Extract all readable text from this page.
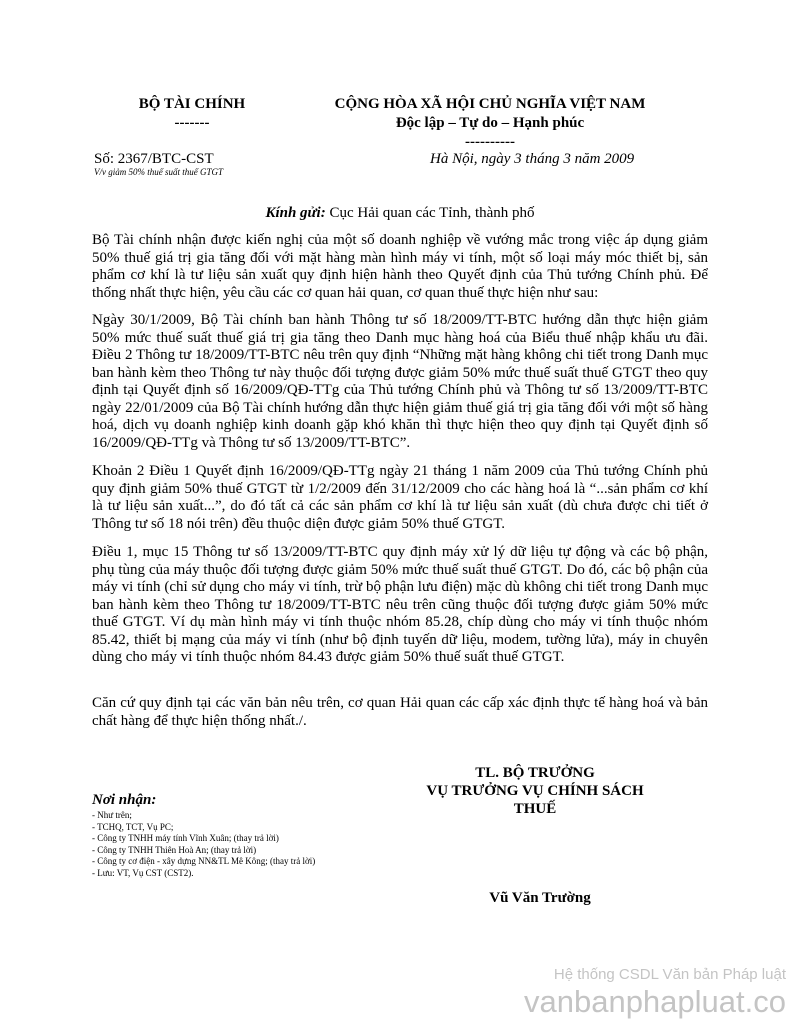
BỘ TÀI CHÍNH
-------
CỘNG HÒA XÃ HỘI CHỦ NGHĨA VIỆT NAM
Độc lập – Tự do – Hạnh phúc
----------
Số: 2367/BTC-CST
V/v giảm 50% thuế suất thuế GTGT
Hà Nội, ngày 3 tháng 3 năm 2009
Kính gửi: Cục Hải quan các Tỉnh, thành phố
Bộ Tài chính nhận được kiến nghị của một số doanh nghiệp về vướng mắc trong việc áp dụng giảm 50% thuế giá trị gia tăng đối với mặt hàng màn hình máy vi tính, một số loại máy móc thiết bị, sản phẩm cơ khí là tư liệu sản xuất quy định hiện hành theo Quyết định của Thủ tướng Chính phủ. Để thống nhất thực hiện, yêu cầu các cơ quan hải quan, cơ quan thuế thực hiện như sau:
Ngày 30/1/2009, Bộ Tài chính ban hành Thông tư số 18/2009/TT-BTC hướng dẫn thực hiện giảm 50% mức thuế suất thuế giá trị gia tăng theo Danh mục hàng hoá của Biểu thuế nhập khẩu ưu đãi. Điều 2 Thông tư 18/2009/TT-BTC nêu trên quy định “Những mặt hàng không chi tiết trong Danh mục ban hành kèm theo Thông tư này thuộc đối tượng được giảm 50% mức thuế suất thuế GTGT theo quy định tại Quyết định số 16/2009/QĐ-TTg của Thủ tướng Chính phủ và Thông tư số 13/2009/TT-BTC ngày 22/01/2009 của Bộ Tài chính hướng dẫn thực hiện giảm thuế giá trị gia tăng đối với một số hàng hoá, dịch vụ doanh nghiệp kinh doanh gặp khó khăn thì thực hiện theo quy định tại Quyết định số 16/2009/QĐ-TTg và Thông tư số 13/2009/TT-BTC”.
Khoản 2 Điều 1 Quyết định 16/2009/QĐ-TTg ngày 21 tháng 1 năm 2009 của Thủ tướng Chính phủ quy định giảm 50% thuế GTGT từ 1/2/2009 đến 31/12/2009 cho các hàng hoá là “...sản phẩm cơ khí là tư liệu sản xuất...”, do đó tất cả các sản phẩm cơ khí là tư liệu sản xuất (dù chưa được chi tiết ở Thông tư số 18 nói trên) đều thuộc diện được giảm 50% thuế GTGT.
Điều 1, mục 15 Thông tư số 13/2009/TT-BTC quy định máy xử lý dữ liệu tự động và các bộ phận, phụ tùng của máy thuộc đối tượng được giảm 50% mức thuế suất thuế GTGT. Do đó, các bộ phận của máy vi tính (chỉ sử dụng cho máy vi tính, trừ bộ phận lưu điện) mặc dù không chi tiết trong Danh mục ban hành kèm theo Thông tư 18/2009/TT-BTC nêu trên cũng thuộc đối tượng được giảm 50% mức thuế GTGT. Ví dụ màn hình máy vi tính thuộc nhóm 85.28, chíp dùng cho máy vi tính thuộc nhóm 85.42, thiết bị mạng của máy vi tính (như bộ định tuyến dữ liệu, modem, tường lửa), máy in chuyên dùng cho máy vi tính thuộc nhóm 84.43 được giảm 50% thuế suất thuế GTGT.
Căn cứ quy định tại các văn bản nêu trên, cơ quan Hải quan các cấp xác định thực tế hàng hoá và bản chất hàng để thực hiện thống nhất./.
TL. BỘ TRƯỞNG
VỤ TRƯỞNG VỤ CHÍNH SÁCH
THUẾ
Nơi nhận:
- Như trên;
- TCHQ, TCT, Vụ PC;
- Công ty TNHH máy tính Vĩnh Xuân; (thay trả lời)
- Công ty TNHH Thiên Hoà An; (thay trả lời)
- Công ty cơ điện - xây dựng NN&TL Mê Kông; (thay trả lời)
- Lưu: VT, Vụ CST (CST2).
Vũ Văn Trường
Hệ thống CSDL Văn bản Pháp luật
vanbanphapluat.co
